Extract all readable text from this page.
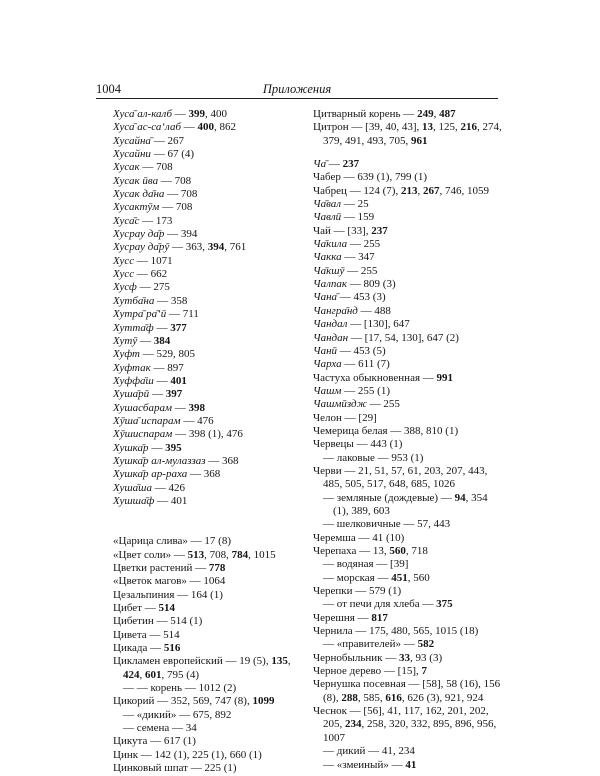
1004	Приложения
Хуса̄ ал-калб — 399, 400
Хуса̄ ас-са‘лаб — 400, 862
Хусайна̄ — 267
Хусайни — 67 (4)
Хусак — 708
Хусак ӣва — 708
Хусак да̄на — 708
Хусактӯм — 708
Хуса̄с — 173
Хусрау да̄р — 394
Хусрау да̄рӯ — 363, 394, 761
Хусс — 1071
Хусс — 662
Хусф — 275
Хутба̄на — 358
Хутра̄ ра̄‘ӣ — 711
Хутта̄ф — 377
Хутӯ — 384
Хуфт — 529, 805
Хуфтак — 897
Хуффа̄ш — 401
Хуша̄рӣ — 397
Хушасбарам — 398
Хӯша̄ испарам — 476
Хӯшиспарам — 398 (1), 476
Хушка̄р — 395
Хушка̄р ал-мулаззаз — 368
Хушка̄р ар-раха — 368
Хуша̄ша — 426
Хушша̄ф — 401
«Царица слива» — 17 (8)
«Цвет соли» — 513, 708, 784, 1015
Цветки растений — 778
«Цветок магов» — 1064
Цезальпиния — 164 (1)
Цибет — 514
Цибетин — 514 (1)
Цивета — 514
Цикада — 516
Цикламен европейский — 19 (5), 135, 424, 601, 795 (4)
— — корень — 1012 (2)
Цикорий — 352, 569, 747 (8), 1099
— «дикий» — 675, 892
— семена — 34
Цикута — 617 (1)
Цинк — 142 (1), 225 (1), 660 (1)
Цинковый шпат — 225 (1)
Цитварный корень — 249, 487
Цитрон — [39, 40, 43], 13, 125, 216, 274, 379, 491, 493, 705, 961
Ча̄ — 237
Чабер — 639 (1), 799 (1)
Чабрец — 124 (7), 213, 267, 746, 1059
Ча̄вал — 25
Чавлӣ — 159
Чай — [33], 237
Ча̄кила — 255
Чакка — 347
Ча̄кшӯ — 255
Чалпак — 809 (3)
Чана̄ — 453 (3)
Чангра̄нд — 488
Чандал — [130], 647
Чандан — [17, 54, 130], 647 (2)
Чанӣ — 453 (5)
Чарха — 611 (7)
Частуха обыкновенная — 991
Чашм — 255 (1)
Чашмӣздж — 255
Челон — [29]
Чемерица белая — 388, 810 (1)
Червецы — 443 (1)
— лаковые — 953 (1)
Черви — 21, 51, 57, 61, 203, 207, 443, 485, 505, 517, 648, 685, 1026
— земляные (дождевые) — 94, 354 (1), 389, 603
— шелковичные — 57, 443
Черемша — 41 (10)
Черепаха — 13, 560, 718
— водяная — [39]
— морская — 451, 560
Черепки — 579 (1)
— от печи для хлеба — 375
Черешня — 817
Чернила — 175, 480, 565, 1015 (18)
— «правителей» — 582
Чернобыльник — 33, 93 (3)
Черное дерево — [15], 7
Чернушка посевная — [58], 58 (16), 156 (8), 288, 585, 616, 626 (3), 921, 924
Чеснок — [56], 41, 117, 162, 201, 202, 205, 234, 258, 320, 332, 895, 896, 956, 1007
— дикий — 41, 234
— «змеиный» — 41
